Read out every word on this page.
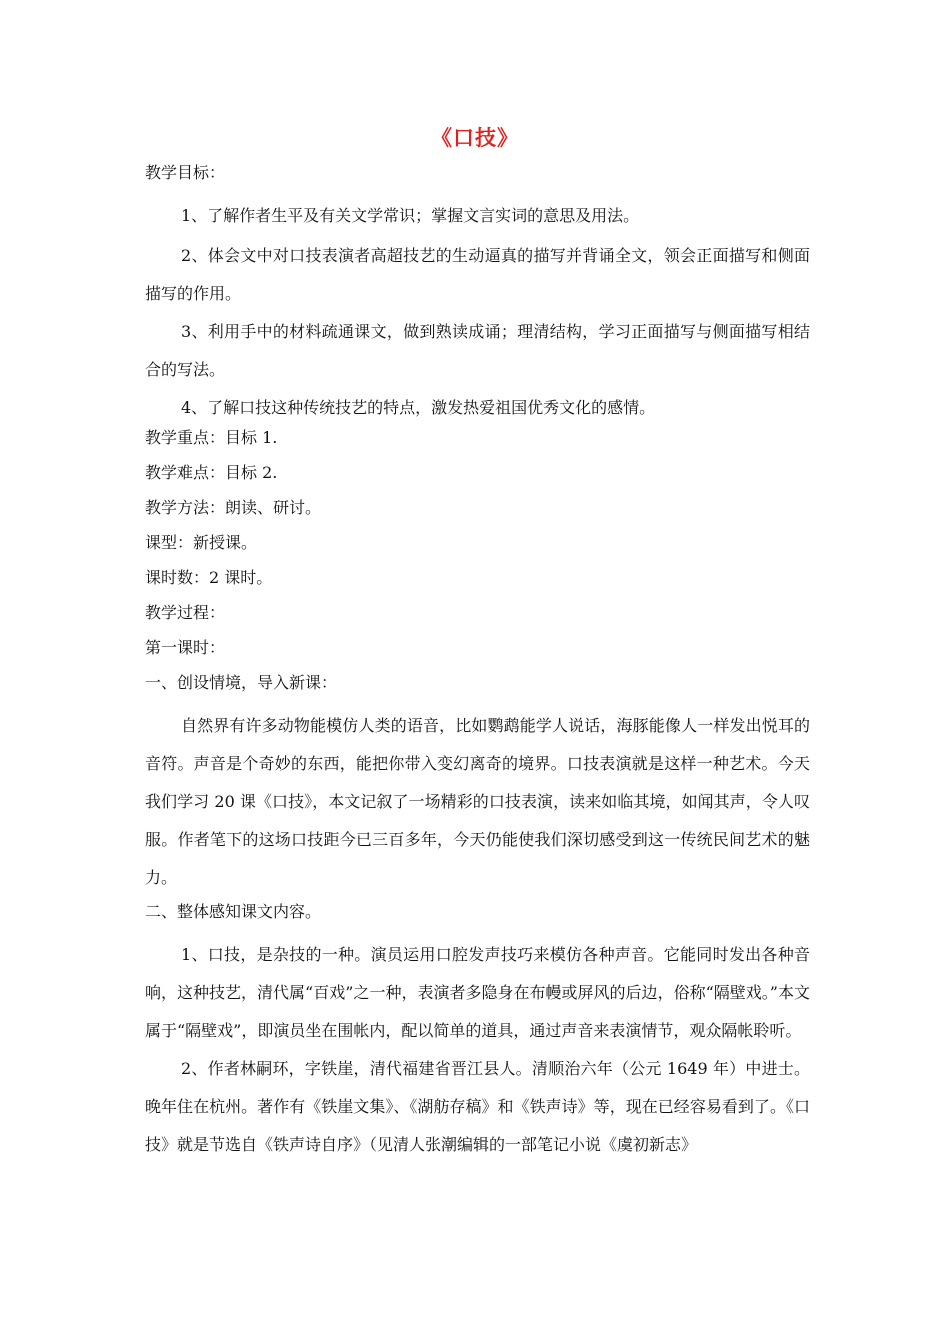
《口技》
教学目标：
1、了解作者生平及有关文学常识；掌握文言实词的意思及用法。
2、体会文中对口技表演者高超技艺的生动逼真的描写并背诵全文，领会正面描写和侧面描写的作用。
3、利用手中的材料疏通课文，做到熟读成诵；理清结构，学习正面描写与侧面描写相结合的写法。
4、了解口技这种传统技艺的特点，激发热爱祖国优秀文化的感情。
教学重点：目标 1.
教学难点：目标 2.
教学方法：朗读、研讨。
课型：新授课。
课时数：2 课时。
教学过程：
第一课时：
一、创设情境，导入新课：
自然界有许多动物能模仿人类的语音，比如鹦鹉能学人说话，海豚能像人一样发出悦耳的音符。声音是个奇妙的东西，能把你带入变幻离奇的境界。口技表演就是这样一种艺术。今天我们学习 20 课《口技》，本文记叙了一场精彩的口技表演，读来如临其境，如闻其声，令人叹服。作者笔下的这场口技距今已三百多年，今天仍能使我们深切感受到这一传统民间艺术的魅力。
二、整体感知课文内容。
1、口技，是杂技的一种。演员运用口腔发声技巧来模仿各种声音。它能同时发出各种音响，这种技艺，清代属“百戏”之一种，表演者多隐身在布幔或屏风的后边，俗称“隔壁戏。”本文属于“隔壁戏”，即演员坐在围帐内，配以简单的道具，通过声音来表演情节，观众隔帐聆听。
2、作者林嗣环，字铁崖，清代福建省晋江县人。清顺治六年（公元 1649 年）中进士。晚年住在杭州。著作有《铁崖文集》、《湖舫存稿》和《铁声诗》等，现在已经容易看到了。《口技》就是节选自《铁声诗自序》（见清人张潮编辑的一部笔记小说《虞初新志》
